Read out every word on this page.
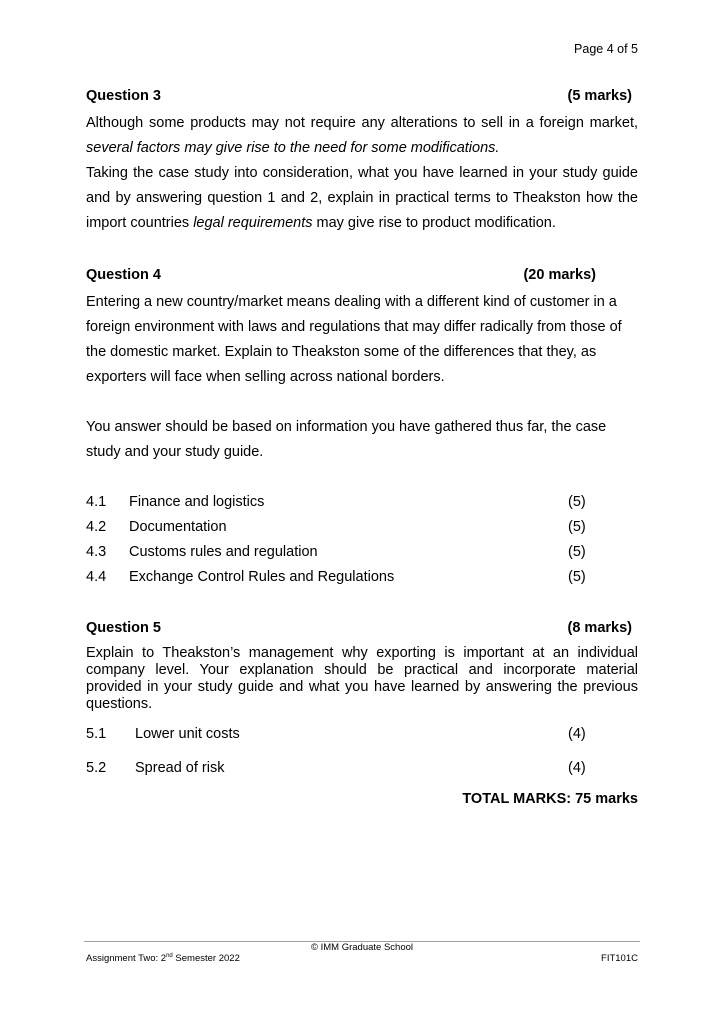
Page 4 of 5
Question 3	(5 marks)

Although some products may not require any alterations to sell in a foreign market, several factors may give rise to the need for some modifications.

Taking the case study into consideration, what you have learned in your study guide and by answering question 1 and 2, explain in practical terms to Theakston how the import countries legal requirements may give rise to product modification.

Question 4	(20 marks)

Entering a new country/market means dealing with a different kind of customer in a foreign environment with laws and regulations that may differ radically from those of the domestic market. Explain to Theakston some of the differences that they, as exporters will face when selling across national borders.

You answer should be based on information you have gathered thus far, the case study and your study guide.

4.1	Finance and logistics	(5)
4.2	Documentation	(5)
4.3	Customs rules and regulation	(5)
4.4	Exchange Control Rules and Regulations	(5)
Question 5	(8 marks)

Explain to Theakston’s management why exporting is important at an individual company level. Your explanation should be practical and incorporate material provided in your study guide and what you have learned by answering the previous questions.

5.1	Lower unit costs	(4)
5.2	Spread of risk	(4)
TOTAL MARKS: 75 marks
© IMM Graduate School
Assignment Two: 2nd Semester 2022	FIT101C
